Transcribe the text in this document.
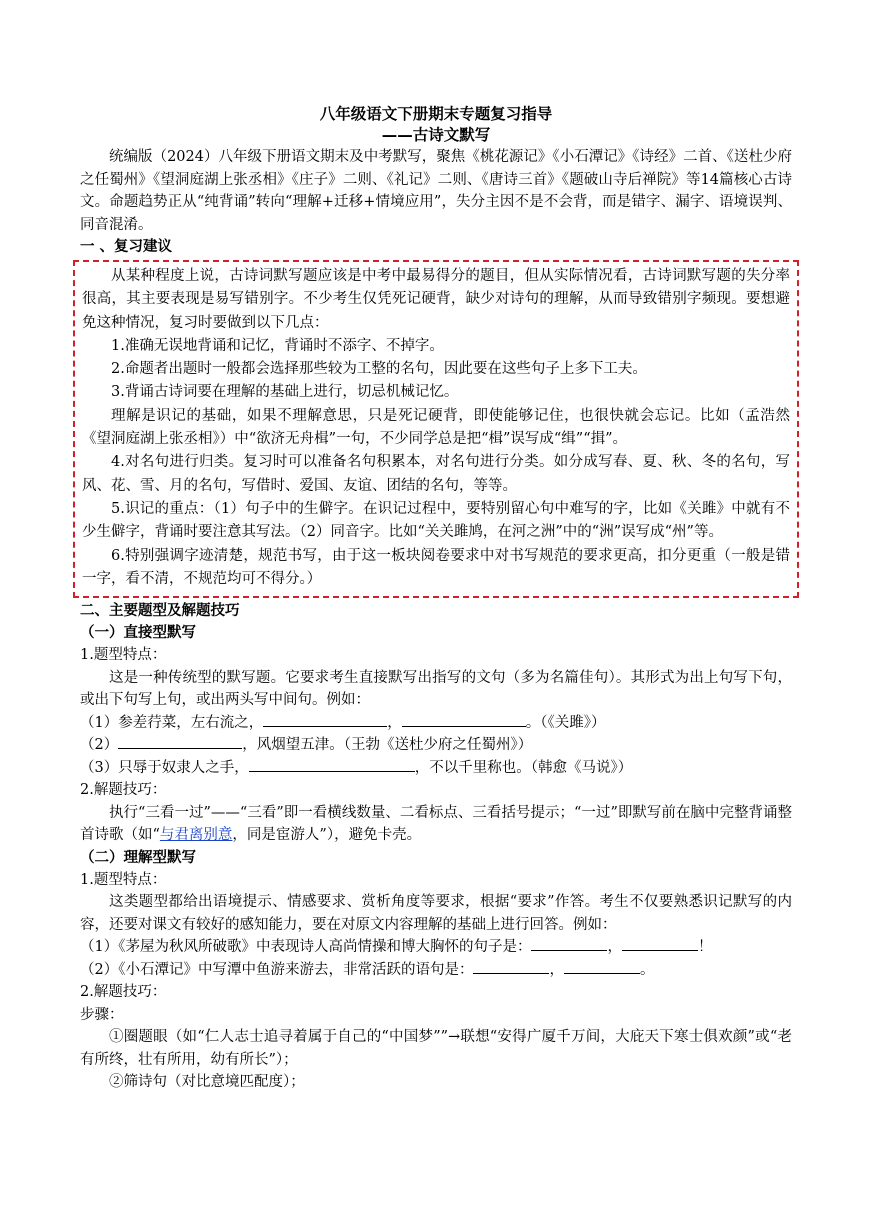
八年级语文下册期末专题复习指导
——古诗文默写

统编版（2024）八年级下册语文期末及中考默写，聚焦《桃花源记》《小石潭记》《诗经》二首、《送杜少府之任蜀州》《望洞庭湖上张丞相》《庄子》二则、《礼记》二则、《唐诗三首》《题破山寺后禅院》等14篇核心古诗文。命题趋势正从“纯背诵”转向“理解+迁移+情境应用”，失分主因不是不会背，而是错字、漏字、语境误判、同音混淆。

一 、复习建议

从某种程度上说，古诗词默写题应该是中考中最易得分的题目，但从实际情况看，古诗词默写题的失分率很高，其主要表现是易写错别字。不少考生仅凭死记硬背，缺少对诗句的理解，从而导致错别字频现。要想避免这种情况，复习时要做到以下几点：

1.准确无误地背诵和记忆，背诵时不添字、不掉字。

2.命题者出题时一般都会选择那些较为工整的名句，因此要在这些句子上多下工夫。

3.背诵古诗词要在理解的基础上进行，切忌机械记忆。

理解是识记的基础，如果不理解意思，只是死记硬背，即使能够记住，也很快就会忘记。比如（孟浩然《望洞庭湖上张丞相》）中“欲济无舟楫”一句，不少同学总是把“楫”误写成“缉”“揖”。

4.对名句进行归类。复习时可以准备名句积累本，对名句进行分类。如分成写春、夏、秋、冬的名句，写风、花、雪、月的名句，写借时、爱国、友谊、团结的名句，等等。

5.识记的重点：（1）句子中的生僻字。在识记过程中，要特别留心句中难写的字，比如《关雎》中就有不少生僻字，背诵时要注意其写法。（2）同音字。比如“关关雎鸠，在河之洲”中的“洲”误写成“州”等。

6.特别强调字迹清楚，规范书写，由于这一板块阅卷要求中对书写规范的要求更高，扣分更重（一般是错一字，看不清，不规范均可不得分。）

二、主要题型及解题技巧
（一）直接型默写

1.题型特点：

这是一种传统型的默写题。它要求考生直接默写出指写的文句（多为名篇佳句）。其形式为出上句写下句，或出下句写上句，或出两头写中间句。例如：

（1）参差荇菜，左右流之，	，	。（《关雎》）

（2）	，风烟望五津。（王勃《送杜少府之任蜀州》）

（3）只辱于奴隶人之手，	，不以千里称也。（韩愈《马说》）

2.解题技巧：

执行“三看一过”——“三看”即一看横线数量、二看标点、三看括号提示；“一过”即默写前在脑中完整背诵整首诗歌（如“与君离别意，同是宦游人”），避免卡壳。

（二）理解型默写

1.题型特点：

这类题型都给出语境提示、情感要求、赏析角度等要求，根据“要求”作答。考生不仅要熟悉识记默写的内容，还要对课文有较好的感知能力，要在对原文内容理解的基础上进行回答。例如：

（1）《茅屋为秋风所破歌》中表现诗人高尚情操和博大胸怀的句子是：	，	！

（2）《小石潭记》中写潭中鱼游来游去，非常活跃的语句是：	，	。

2.解题技巧：

步骤：

①圈题眼（如“仁人志士追寻着属于自己的“中国梦””→联想“安得广厦千万间，大庇天下寒士俱欢颜”或“老有所终，壮有所用，幼有所长”）；

②筛诗句（对比意境匹配度）；
